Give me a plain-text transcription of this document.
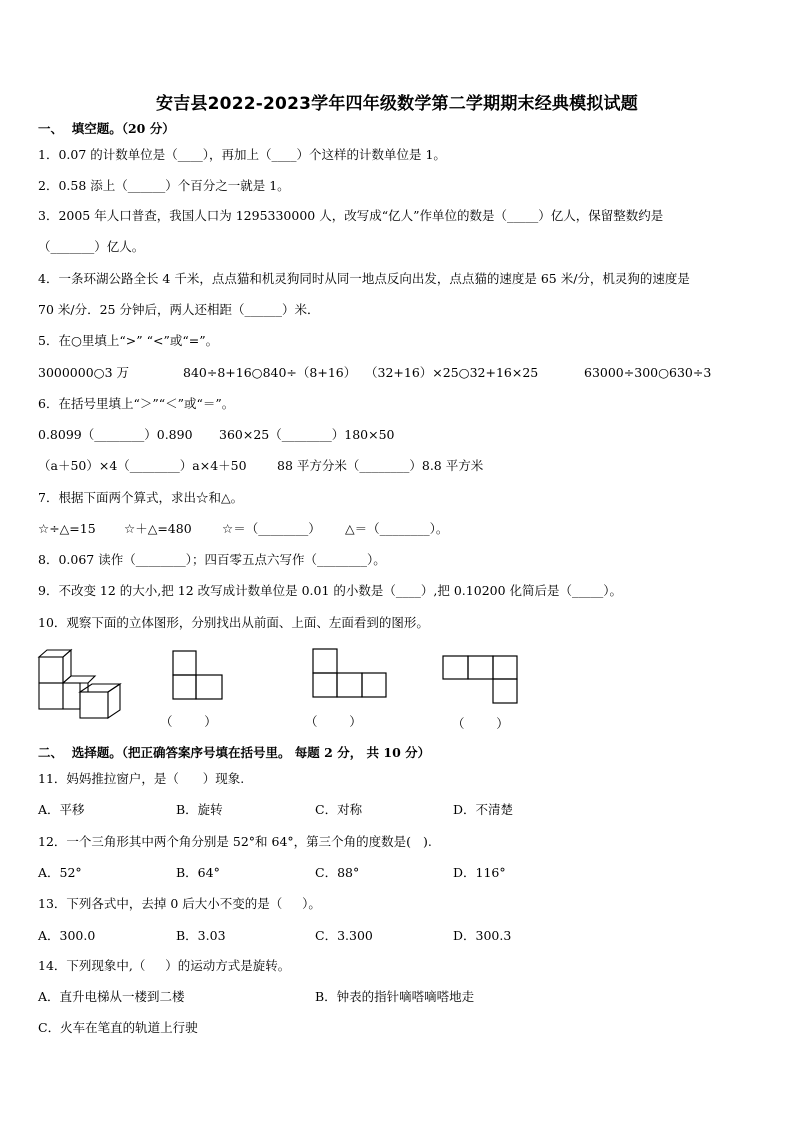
安吉县2022-2023学年四年级数学第二学期期末经典模拟试题
一、  填空题。（20 分）
1．0.07 的计数单位是（____），再加上（____）个这样的计数单位是 1。
2．0.58 添上（______）个百分之一就是 1。
3．2005 年人口普查，我国人口为 1295330000 人，改写成“亿人”作单位的数是（_____）亿人，保留整数约是
（_______）亿人。
4．一条环湖公路全长 4 千米，点点猫和机灵狗同时从同一地点反向出发，点点猫的速度是 65 米/分，机灵狗的速度是
70 米/分．25 分钟后，两人还相距（______）米．
5．在○里填上“>” “<”或“=”。
3000000○3 万	840÷8+16○840÷（8+16） （32+16）×25○32+16×25	63000÷300○630÷3
6．在括号里填上“＞”“＜”或“＝”。
0.8099（________）0.890 360×25（________）180×50
（a＋50）×4（________）a×4＋50 88 平方分米（________）8.8 平方米
7．根据下面两个算式，求出☆和△。
☆÷△=15 ☆＋△=480 ☆＝（________） △＝（________）。
8．0.067 读作（________）；四百零五点六写作（________）。
9．不改变 12 的大小,把 12 改写成计数单位是 0.01 的小数是（____）,把 0.10200 化简后是（_____）。
10．观察下面的立体图形，分别找出从前面、上面、左面看到的图形。
（        ）	（        ）	（        ）
二、  选择题。（把正确答案序号填在括号里。 每题 2 分， 共 10 分）
11．妈妈推拉窗户，是（      ）现象.
A．平移	B．旋转	C．对称	D．不清楚
12．一个三角形其中两个角分别是 52°和 64°，第三个角的度数是(   ).
A．52°	B．64°	C．88°	D．116°
13．下列各式中，去掉 0 后大小不变的是（     ）。
A．300.0	B．3.03	C．3.300	D．300.3
14．下列现象中,（     ）的运动方式是旋转。
A．直升电梯从一楼到二楼	B．钟表的指针嘀嗒嘀嗒地走
C．火车在笔直的轨道上行驶
